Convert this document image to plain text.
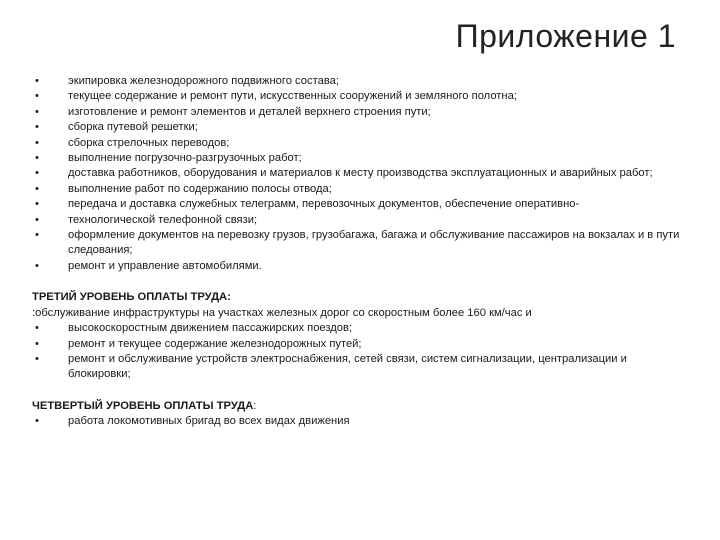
Приложение 1
•	экипировка железнодорожного подвижного состава;
•	текущее содержание и ремонт пути, искусственных сооружений и земляного полотна;
•	изготовление и ремонт элементов и деталей верхнего строения пути;
•	сборка путевой решетки;
•	сборка стрелочных переводов;
•	выполнение погрузочно-разгрузочных работ;
•	доставка работников, оборудования и материалов к месту производства эксплуатационных и аварийных работ;
•	выполнение работ по содержанию полосы отвода;
•	передача и доставка служебных телеграмм, перевозочных документов, обеспечение оперативно-
•	технологической телефонной связи;
•	оформление документов на перевозку грузов, грузобагажа, багажа и обслуживание пассажиров на вокзалах и в пути следования;
•	ремонт и управление автомобилями.
ТРЕТИЙ УРОВЕНЬ ОПЛАТЫ ТРУДА:
:обслуживание инфраструктуры на участках железных дорог со скоростным более 160 км/час и
•	высокоскоростным движением пассажирских поездов;
•	ремонт и текущее содержание железнодорожных путей;
•	ремонт и обслуживание устройств электроснабжения, сетей связи, систем сигнализации, централизации и блокировки;
ЧЕТВЕРТЫЙ УРОВЕНЬ ОПЛАТЫ ТРУДА:
•	работа локомотивных бригад во всех видах движения
